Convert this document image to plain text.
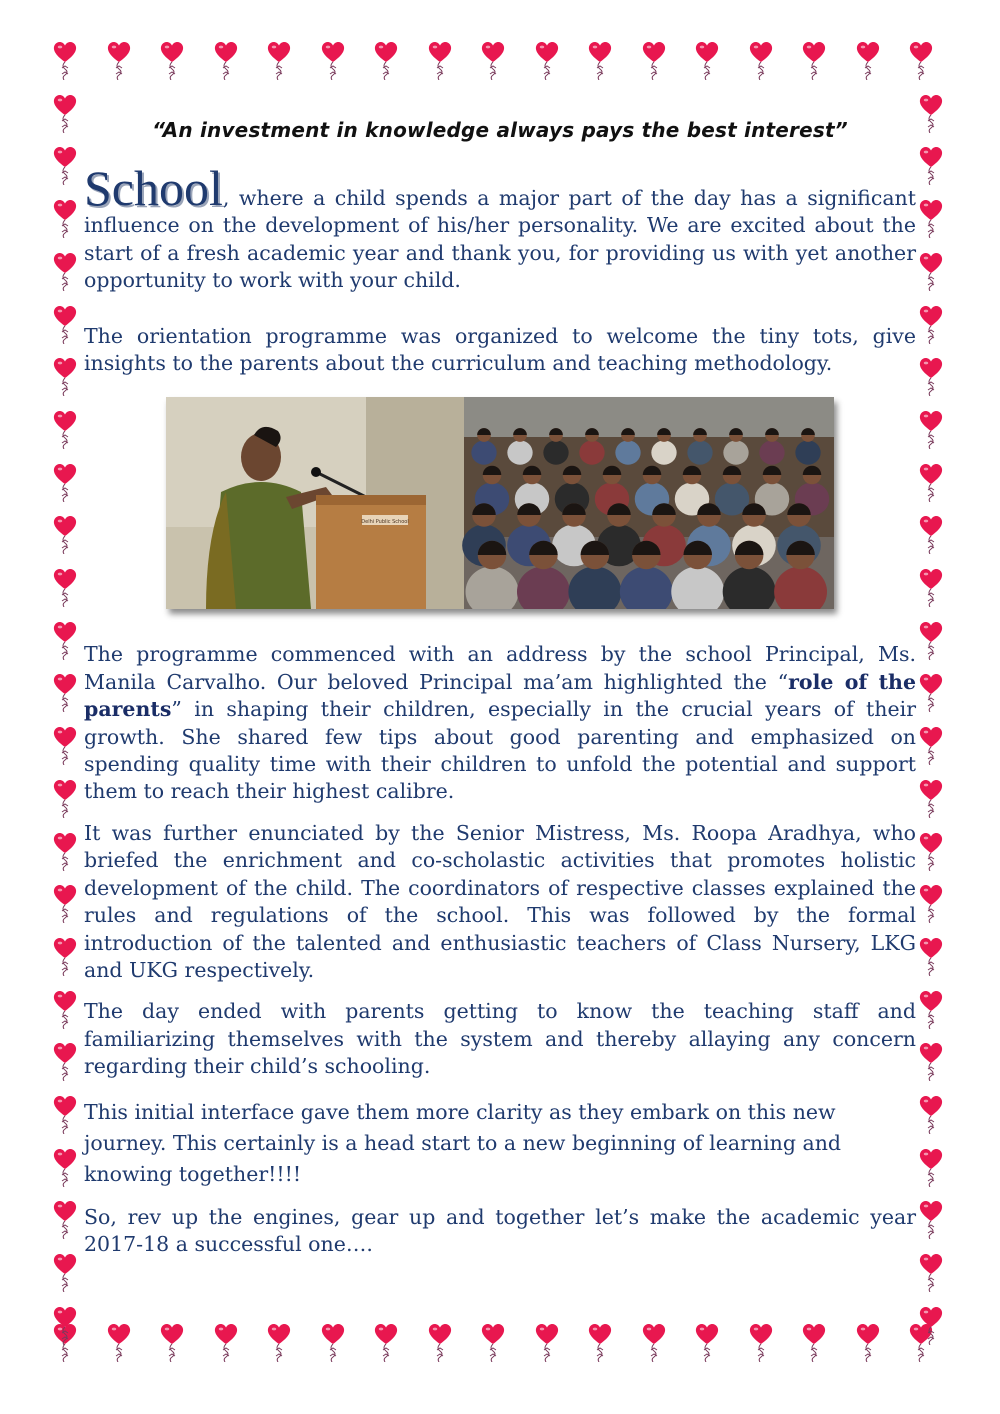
“An investment in knowledge always pays the best interest”

School, where a child spends a major part of the day has a significant influence on the development of his/her personality. We are excited about the start of a fresh academic year and thank you, for providing us with yet another opportunity to work with your child.

The orientation programme was organized to welcome the tiny tots, give insights to the parents about the curriculum and teaching methodology.

Delhi Public School

The programme commenced with an address by the school Principal, Ms. Manila Carvalho. Our beloved Principal ma’am highlighted the “role of the parents” in shaping their children, especially in the crucial years of their growth. She shared few tips about good parenting and emphasized on spending quality time with their children to unfold the potential and support them to reach their highest calibre.

It was further enunciated by the Senior Mistress, Ms. Roopa Aradhya, who briefed the enrichment and co-scholastic activities that promotes holistic development of the child. The coordinators of respective classes explained the rules and regulations of the school. This was followed by the formal introduction of the talented and enthusiastic teachers of Class Nursery, LKG and UKG respectively.

The day ended with parents getting to know the teaching staff and familiarizing themselves with the system and thereby allaying any concern regarding their child’s schooling.

This initial interface gave them more clarity as they embark on this new journey. This certainly is a head start to a new beginning of learning and knowing together!!!!

So, rev up the engines, gear up and together let’s make the academic year 2017-18 a successful one….
